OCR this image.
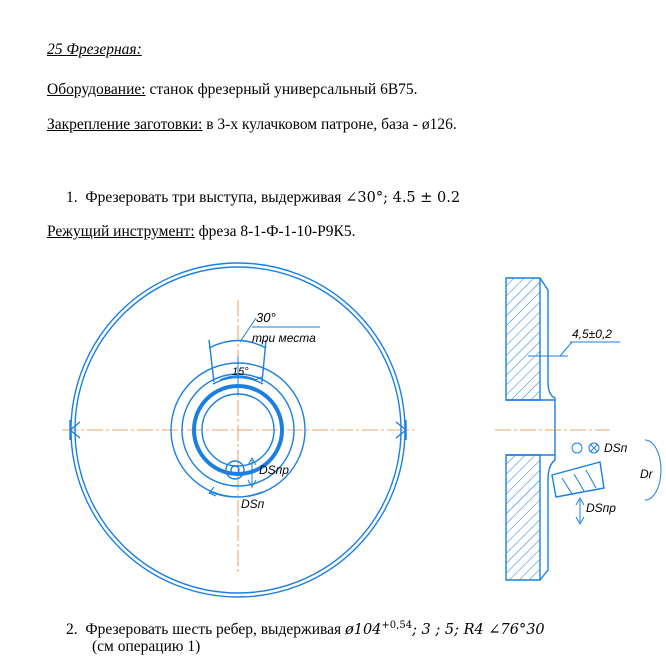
25 Фрезерная:
Оборудование: станок фрезерный универсальный 6В75.
Закрепление заготовки: в 3-х кулачковом патроне, база - ø126.
1. Фрезеровать три выступа, выдерживая ∠30°; 4.5 ± 0.2
Режущий инструмент: фреза 8-1-Ф-1-10-Р9К5.
2. Фрезеровать шесть ребер, выдерживая $ø104^{+0,54}$; 3 ; 5; R4 ∠76°30
(см операцию 1)
30°
три места
15°
DSпр
DSп
4,5±0,2
DSп
Dr
DSпр
